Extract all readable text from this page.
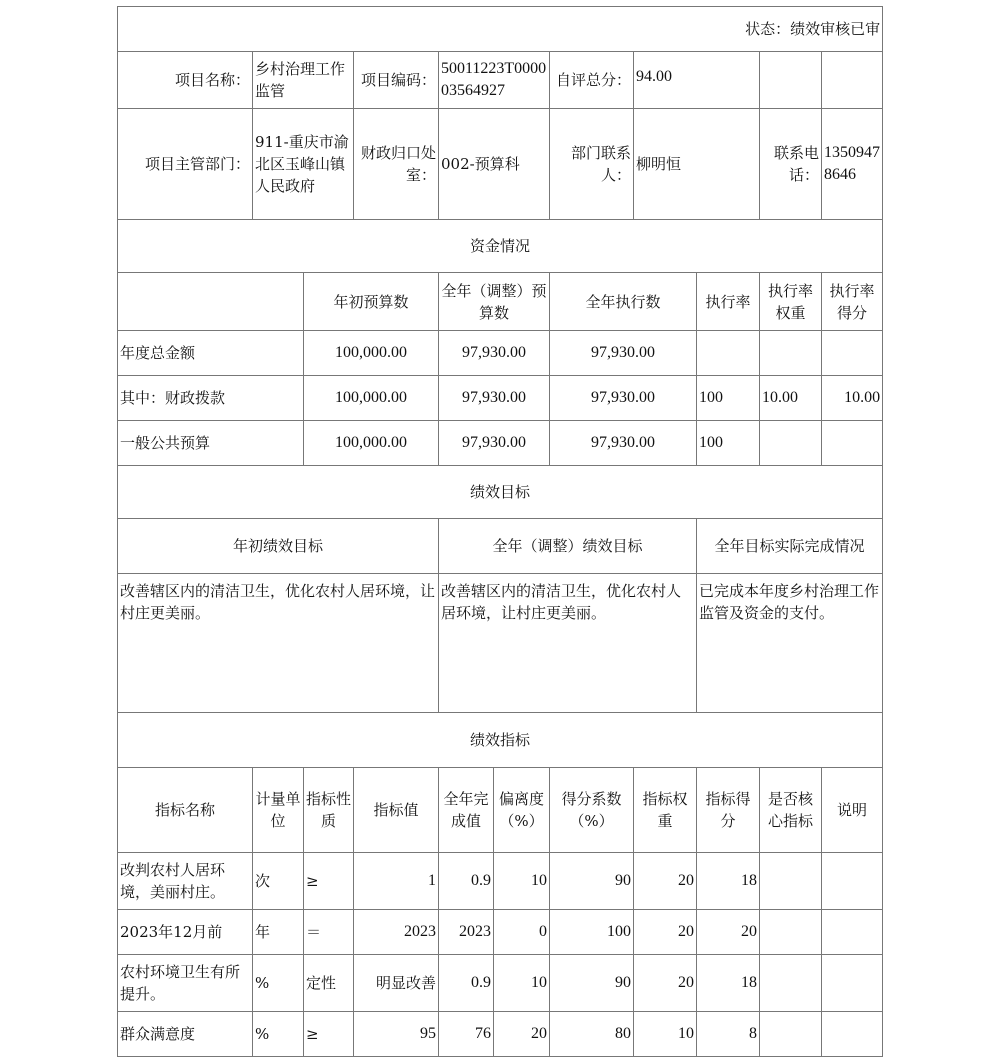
状态：绩效审核已审										
项目名称：	乡村治理工作监管		项目编码：	50011223T000003564927		自评总分：	94.00			
项目主管部门：	911-重庆市渝北区玉峰山镇人民政府		财政归口处室：	002-预算科		部门联系人：	柳明恒		联系电话：	13509478646
资金情况										
		年初预算数		全年（调整）预算数		全年执行数		执行率	执行率权重	执行率得分
年度总金额		100,000.00		97,930.00		97,930.00				
其中：财政拨款		100,000.00		97,930.00		97,930.00		100	10.00	10.00
一般公共预算		100,000.00		97,930.00		97,930.00		100		
绩效目标										
年初绩效目标				全年（调整）绩效目标				全年目标实际完成情况		
改善辖区内的清洁卫生，优化农村人居环境，让村庄更美丽。				改善辖区内的清洁卫生，优化农村人居环境，让村庄更美丽。				已完成本年度乡村治理工作监管及资金的支付。		
绩效指标										
指标名称	计量单位	指标性质	指标值	全年完成值	偏离度（%）	得分系数（%）	指标权重	指标得分	是否核心指标	说明
改判农村人居环境，美丽村庄。	次	≥	1	0.9	10	90	20	18		
2023年12月前	年	＝	2023	2023	0	100	20	20		
农村环境卫生有所提升。	%	定性	明显改善	0.9	10	90	20	18		
群众满意度	%	≥	95	76	20	80	10	8		
